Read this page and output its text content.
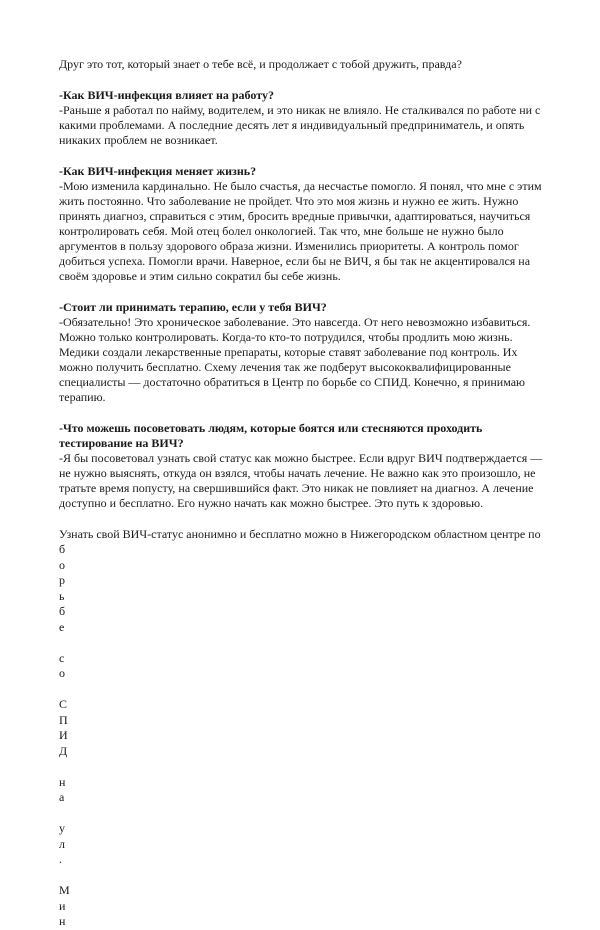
Друг это тот, который знает о тебе всё, и продолжает с тобой дружить, правда?

-Как ВИЧ-инфекция влияет на работу?

-Раньше я работал по найму, водителем, и это никак не влияло. Не сталкивался по работе ни с какими проблемами. А последние десять лет я индивидуальный предприниматель, и опять никаких проблем не возникает.

-Как ВИЧ-инфекция меняет жизнь?

-Мою изменила кардинально. Не было счастья, да несчастье помогло. Я понял, что мне с этим жить постоянно. Что заболевание не пройдет. Что это моя жизнь и нужно ее жить. Нужно принять диагноз, справиться с этим, бросить вредные привычки, адаптироваться, научиться контролировать себя. Мой отец болел онкологией. Так что, мне больше не нужно было аргументов в пользу здорового образа жизни. Изменились приоритеты. А контроль помог добиться успеха. Помогли врачи. Наверное, если бы не ВИЧ, я бы так не акцентировался на своём здоровье и этим сильно сократил бы себе жизнь.

-Стоит ли принимать терапию, если у тебя ВИЧ?

-Обязательно! Это хроническое заболевание. Это навсегда. От него невозможно избавиться. Можно только контролировать. Когда-то кто-то потрудился, чтобы продлить мою жизнь. Медики создали лекарственные препараты, которые ставят заболевание под контроль. Их можно получить бесплатно. Схему лечения так же подберут высококвалифицированные специалисты — достаточно обратиться в Центр по борьбе со СПИД. Конечно, я принимаю терапию.

-Что можешь посоветовать людям, которые боятся или стесняются проходить тестирование на ВИЧ?

-Я бы посоветовал узнать свой статус как можно быстрее. Если вдруг ВИЧ подтверждается — не нужно выяснять, откуда он взялся, чтобы начать лечение. Не важно как это произошло, не тратьте время попусту, на свершившийся факт. Это никак не повлияет на диагноз. А лечение доступно и бесплатно. Его нужно начать как можно быстрее. Это путь к здоровью.

Узнать свой ВИЧ-статус анонимно и бесплатно можно в Нижегородском областном центре по

б
о
р
ь
б
е

с
о

С
П
И
Д

н
а

у
л
.

М
и
н
